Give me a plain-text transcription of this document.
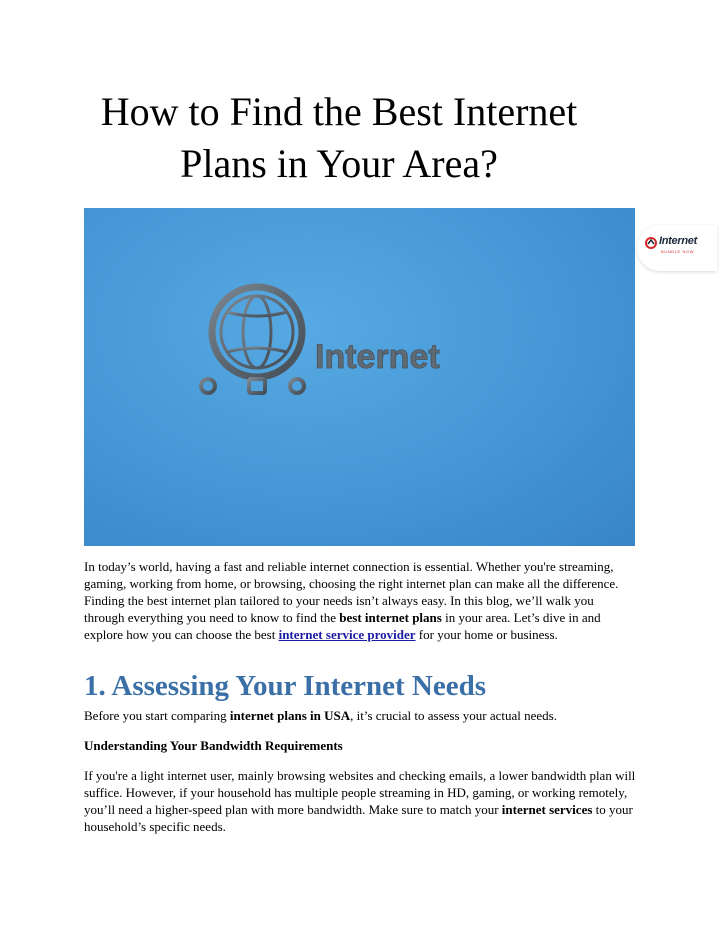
How to Find the Best Internet
Plans in Your Area?
Internet
Internet
BUNDLE NOW

In today’s world, having a fast and reliable internet connection is essential. Whether you're streaming, gaming, working from home, or browsing, choosing the right internet plan can make all the difference. Finding the best internet plan tailored to your needs isn’t always easy. In this blog, we’ll walk you through everything you need to know to find the best internet plans in your area. Let’s dive in and explore how you can choose the best internet service provider for your home or business.

1. Assessing Your Internet Needs

Before you start comparing internet plans in USA, it’s crucial to assess your actual needs.

Understanding Your Bandwidth Requirements

If you're a light internet user, mainly browsing websites and checking emails, a lower bandwidth plan will suffice. However, if your household has multiple people streaming in HD, gaming, or working remotely, you’ll need a higher-speed plan with more bandwidth. Make sure to match your internet services to your household’s specific needs.
